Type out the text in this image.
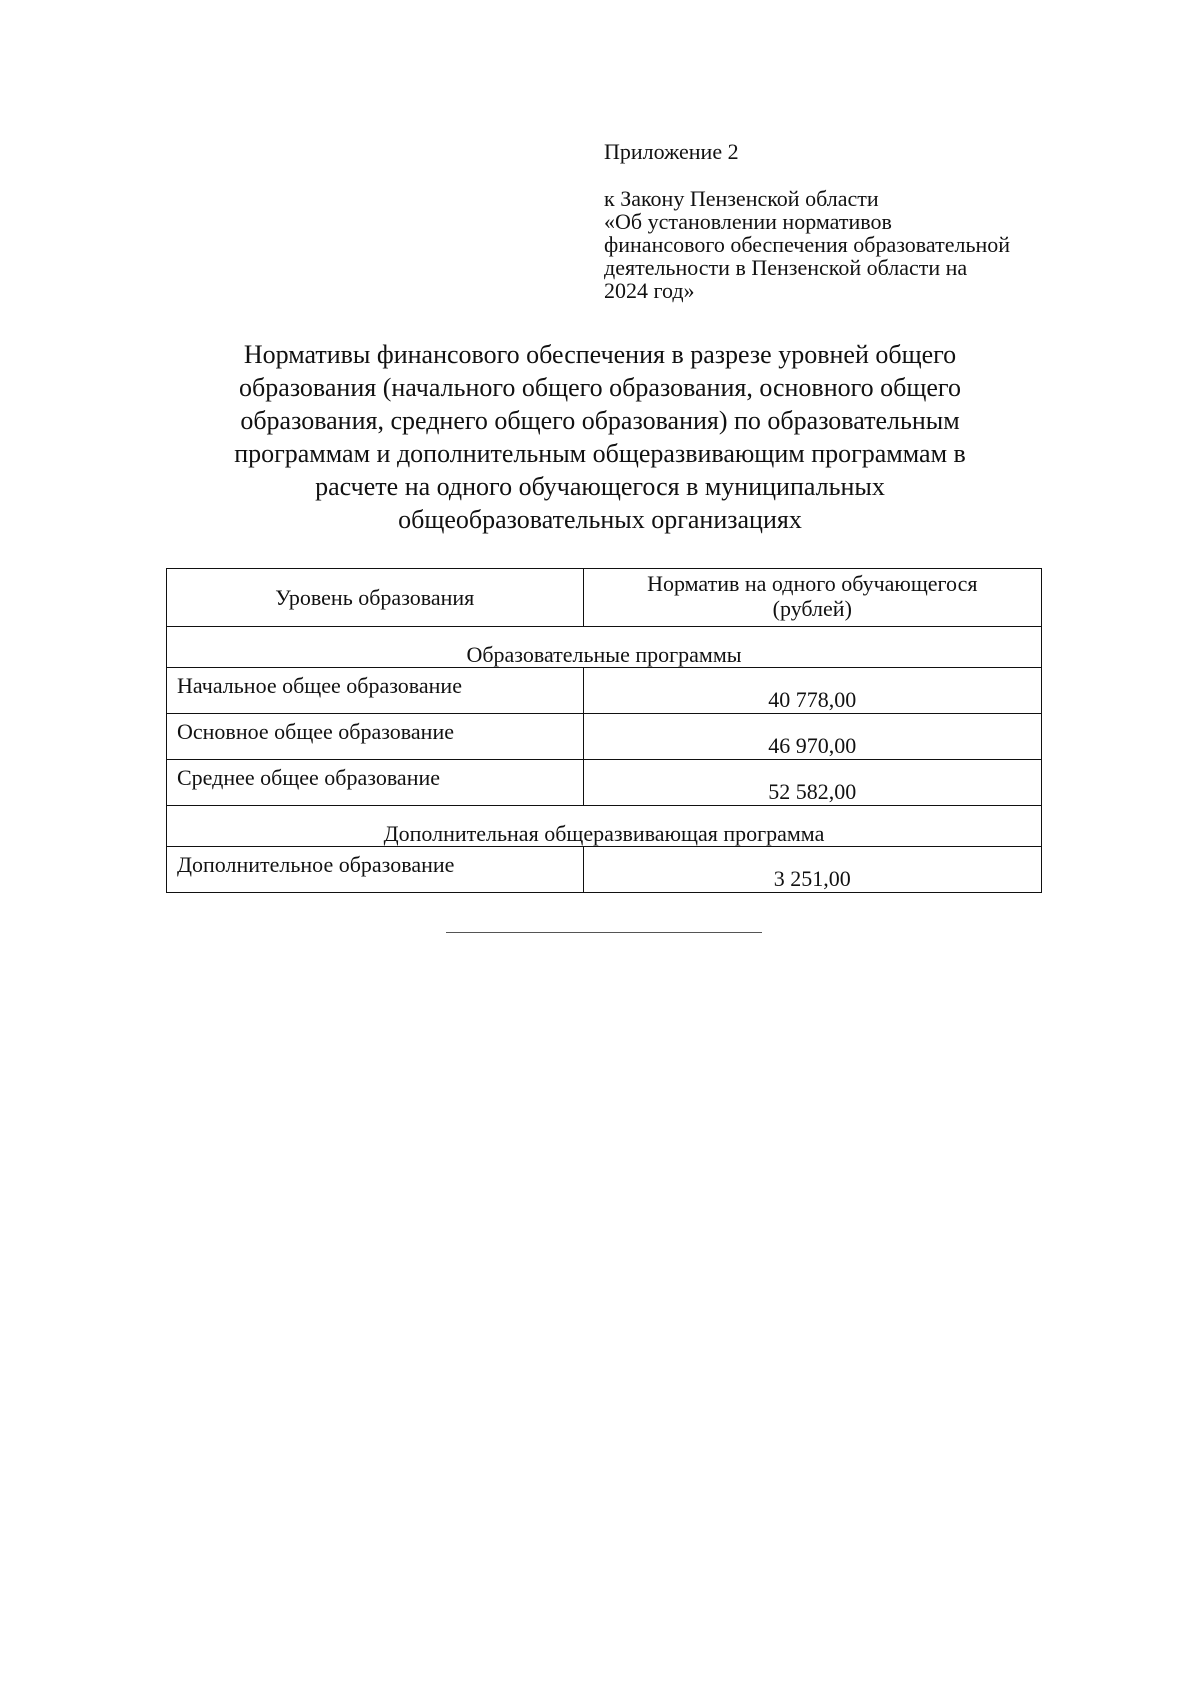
Приложение 2

к Закону Пензенской области

«Об установлении нормативов

финансового обеспечения образовательной

деятельности в Пензенской области на

2024 год»

Нормативы финансового обеспечения в разрезе уровней общего
образования (начального общего образования, основного общего
образования, среднего общего образования) по образовательным
программам и дополнительным общеразвивающим программам в
расчете на одного обучающегося в муниципальных
общеобразовательных организациях
Уровень образования	Норматив на одного обучающегося
(рублей)
Образовательные программы	
Начальное общее образование	40 778,00
Основное общее образование	46 970,00
Среднее общее образование	52 582,00
Дополнительная общеразвивающая программа	
Дополнительное образование	3 251,00
